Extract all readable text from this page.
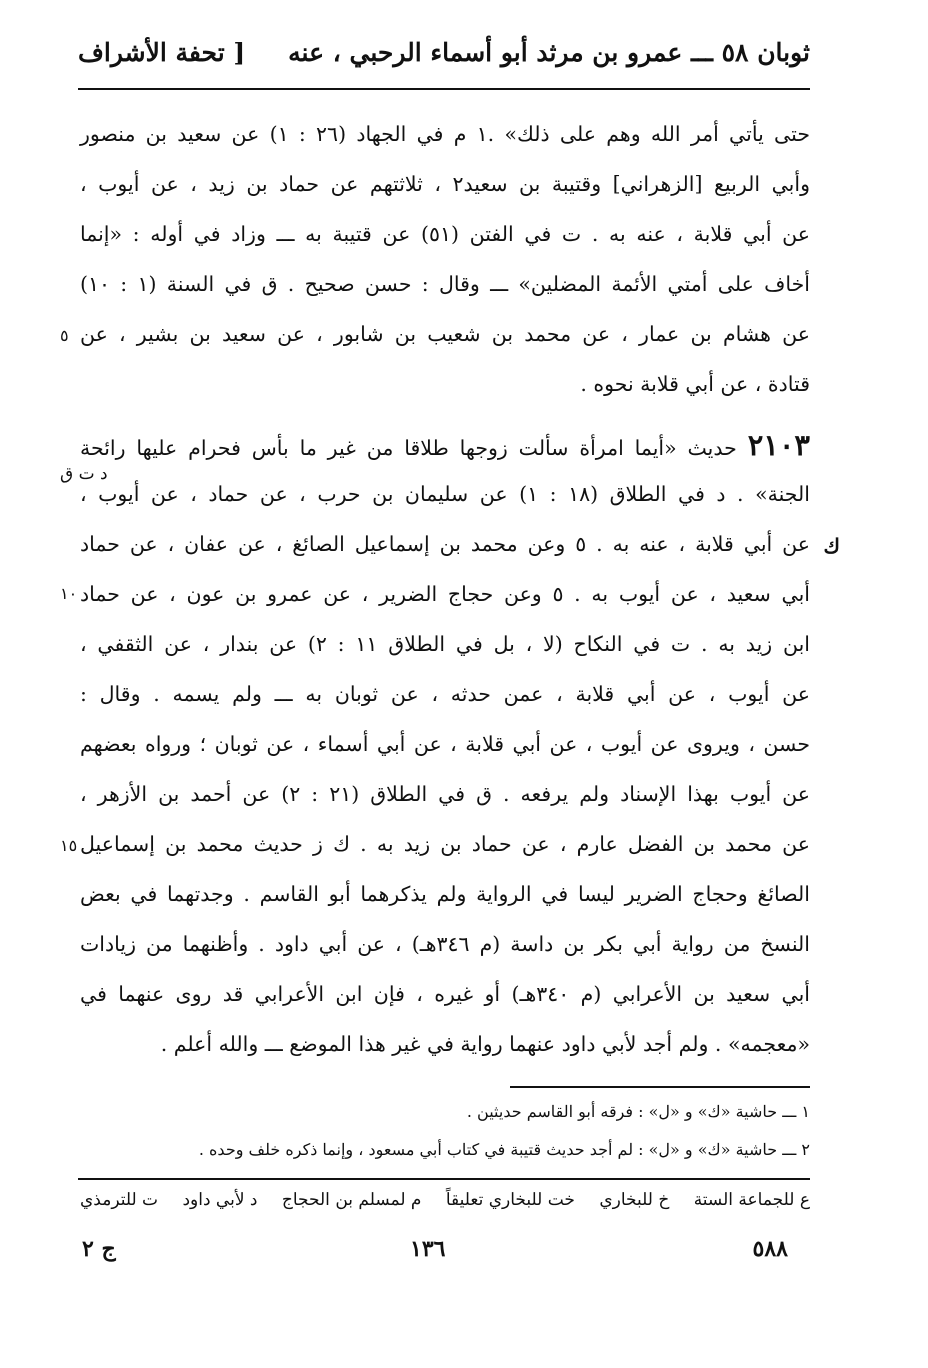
ثوبان ٥٨ ـــ عمرو بن مرثد أبو أسماء الرحبي ، عنه
[ تحفة الأشراف
حتى يأتي أمر الله وهم على ذلك» .١ م في الجهاد (٢٦ : ١) عن سعيد بن منصور
وأبي الربيع [الزهراني] وقتيبة بن سعيد٢ ، ثلاثتهم عن حماد بن زيد ، عن أيوب ،
عن أبي قلابة ، عنه به . ت في الفتن (٥١) عن قتيبة به ـــ وزاد في أوله : «إنما
أخاف على أمتي الأئمة المضلين» ـــ وقال : حسن صحيح . ق في السنة (١ : ١٠)
عن هشام بن عمار ، عن محمد بن شعيب بن شابور ، عن سعيد بن بشير ، عن
٥
قتادة ، عن أبي قلابة نحوه .
٢١٠٣ حديث «أيما امرأة سألت زوجها طلاقا من غير ما بأس فحرام عليها رائحة
د ت ق
الجنة» . د في الطلاق (١٨ : ١) عن سليمان بن حرب ، عن حماد ، عن أيوب ،
عن أبي قلابة ، عنه به . ٥ وعن محمد بن إسماعيل الصائغ ، عن عفان ، عن حماد ك
أبي سعيد ، عن أيوب به . ٥ وعن حجاج الضرير ، عن عمرو بن عون ، عن حماد
ابن زيد به . ت في النكاح (لا ، بل في الطلاق ١١ : ٢) عن بندار ، عن الثقفي ،
١٠
عن أيوب ، عن أبي قلابة ، عمن حدثه ، عن ثوبان به ـــ ولم يسمه . وقال :
حسن ، ويروى عن أيوب ، عن أبي قلابة ، عن أبي أسماء ، عن ثوبان ؛ ورواه بعضهم
عن أيوب بهذا الإسناد ولم يرفعه . ق في الطلاق (٢١ : ٢) عن أحمد بن الأزهر ،
عن محمد بن الفضل عارم ، عن حماد بن زيد به . ك ز حديث محمد بن إسماعيل
١٥
الصائغ وحجاج الضرير ليسا في الرواية ولم يذكرهما أبو القاسم . وجدتهما في بعض
النسخ من رواية أبي بكر بن داسة (م ٣٤٦هـ) ، عن أبي داود . وأظنهما من زيادات
أبي سعيد بن الأعرابي (م ٣٤٠هـ) أو غيره ، فإن ابن الأعرابي قد روى عنهما في
«معجمه» . ولم أجد لأبي داود عنهما رواية في غير هذا الموضع ـــ والله أعلم .
١ ـــ حاشية «ك» و «ل» : فرقه أبو القاسم حديثين .
٢ ـــ حاشية «ك» و «ل» : لم أجد حديث قتيبة في كتاب أبي مسعود ، وإنما ذكره خلف وحده .
ع للجماعة الستة
خ للبخاري
خت للبخاري تعليقاً
م لمسلم بن الحجاج
د لأبي داود
ت للترمذي
٥٨٨
١٣٦
ج ٢
